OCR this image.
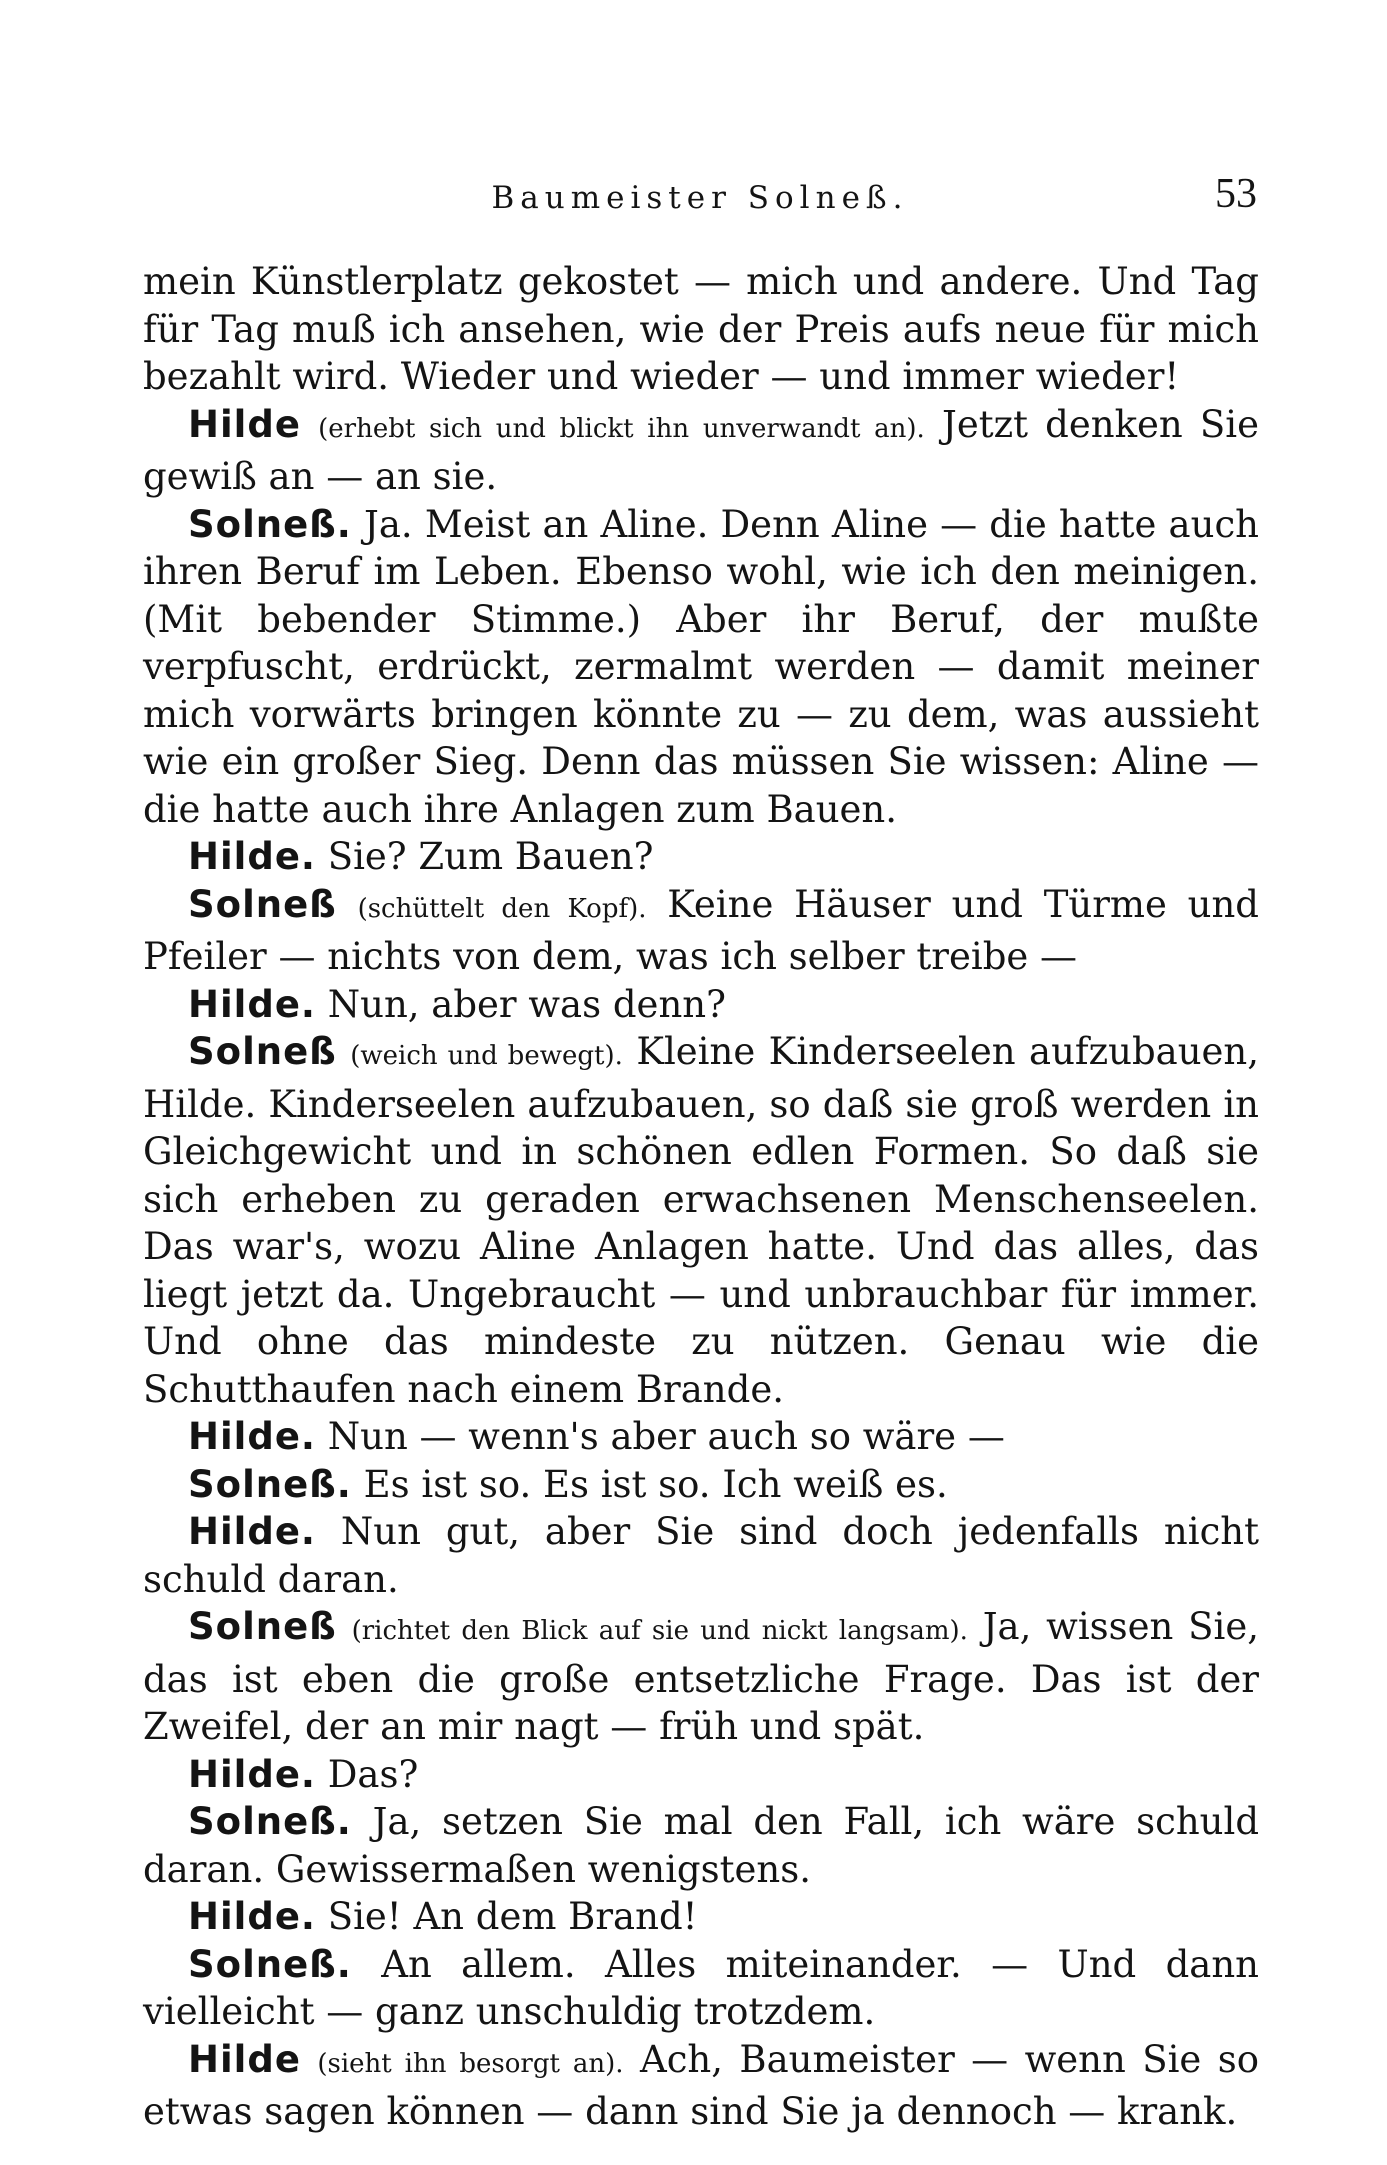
Baumeister Solneß.	53

mein Künstlerplatz gekostet — mich und andere. Und Tag für Tag muß ich ansehen, wie der Preis aufs neue für mich bezahlt wird. Wieder und wieder — und immer wieder!

Hilde (erhebt sich und blickt ihn unverwandt an). Jetzt denken Sie gewiß an — an sie.

Solneß. Ja. Meist an Aline. Denn Aline — die hatte auch ihren Beruf im Leben. Ebenso wohl, wie ich den meinigen. (Mit bebender Stimme.) Aber ihr Beruf, der mußte verpfuscht, erdrückt, zermalmt werden — damit meiner mich vorwärts bringen könnte zu — zu dem, was aussieht wie ein großer Sieg. Denn das müssen Sie wissen: Aline — die hatte auch ihre Anlagen zum Bauen.

Hilde. Sie? Zum Bauen?

Solneß (schüttelt den Kopf). Keine Häuser und Türme und Pfeiler — nichts von dem, was ich selber treibe —

Hilde. Nun, aber was denn?

Solneß (weich und bewegt). Kleine Kinderseelen aufzubauen, Hilde. Kinderseelen aufzubauen, so daß sie groß werden in Gleichgewicht und in schönen edlen Formen. So daß sie sich erheben zu geraden erwachsenen Menschenseelen. Das war's, wozu Aline Anlagen hatte. Und das alles, das liegt jetzt da. Ungebraucht — und unbrauchbar für immer. Und ohne das mindeste zu nützen. Genau wie die Schutthaufen nach einem Brande.

Hilde. Nun — wenn's aber auch so wäre —

Solneß. Es ist so. Es ist so. Ich weiß es.

Hilde. Nun gut, aber Sie sind doch jedenfalls nicht schuld daran.

Solneß (richtet den Blick auf sie und nickt langsam). Ja, wissen Sie, das ist eben die große entsetzliche Frage. Das ist der Zweifel, der an mir nagt — früh und spät.

Hilde. Das?

Solneß. Ja, setzen Sie mal den Fall, ich wäre schuld daran. Gewissermaßen wenigstens.

Hilde. Sie! An dem Brand!

Solneß. An allem. Alles miteinander. — Und dann vielleicht — ganz unschuldig trotzdem.

Hilde (sieht ihn besorgt an). Ach, Baumeister — wenn Sie so etwas sagen können — dann sind Sie ja dennoch — krank.
